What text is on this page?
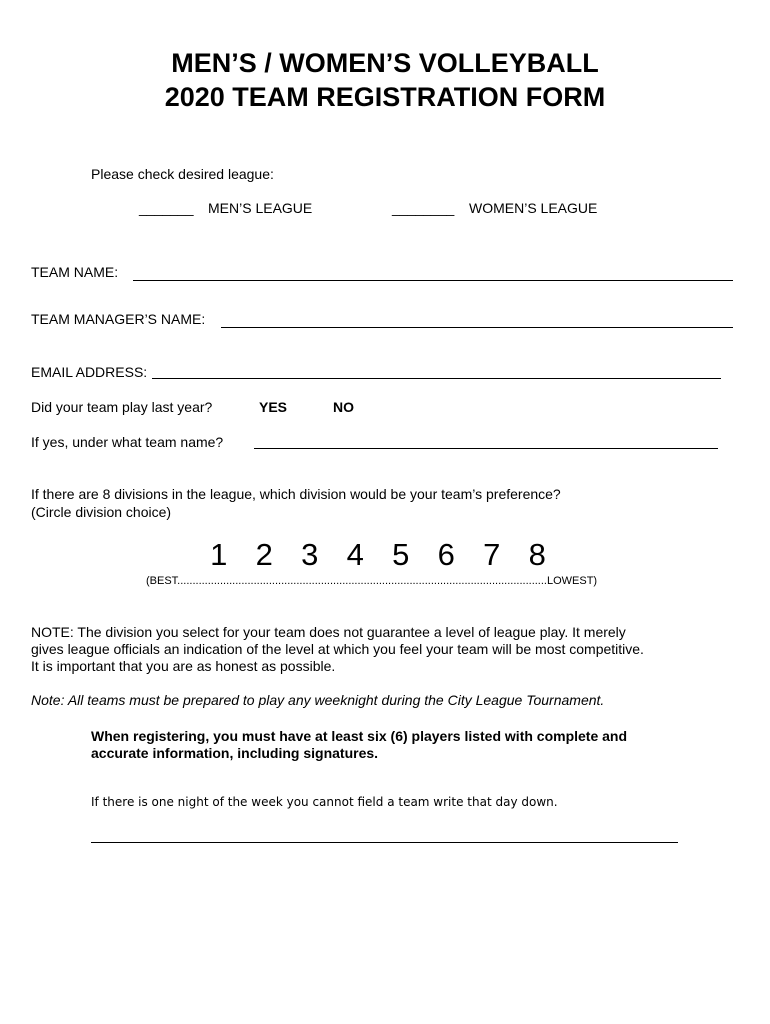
MEN’S / WOMEN’S VOLLEYBALL
2020 TEAM REGISTRATION FORM
Please check desired league:
_______ MEN’S LEAGUE	________ WOMEN’S LEAGUE
TEAM NAME:
TEAM MANAGER’S NAME:
EMAIL ADDRESS:
Did your team play last year?	YES	NO
If yes, under what team name?
If there are 8 divisions in the league, which division would be your team’s preference?
(Circle division choice)
1 2 3 4 5 6 7 8
(BEST.........................................................................................................................LOWEST)
NOTE: The division you select for your team does not guarantee a level of league play. It merely
gives league officials an indication of the level at which you feel your team will be most competitive.
It is important that you are as honest as possible.
Note: All teams must be prepared to play any weeknight during the City League Tournament.
When registering, you must have at least six (6) players listed with complete and
accurate information, including signatures.
If there is one night of the week you cannot field a team write that day down.
